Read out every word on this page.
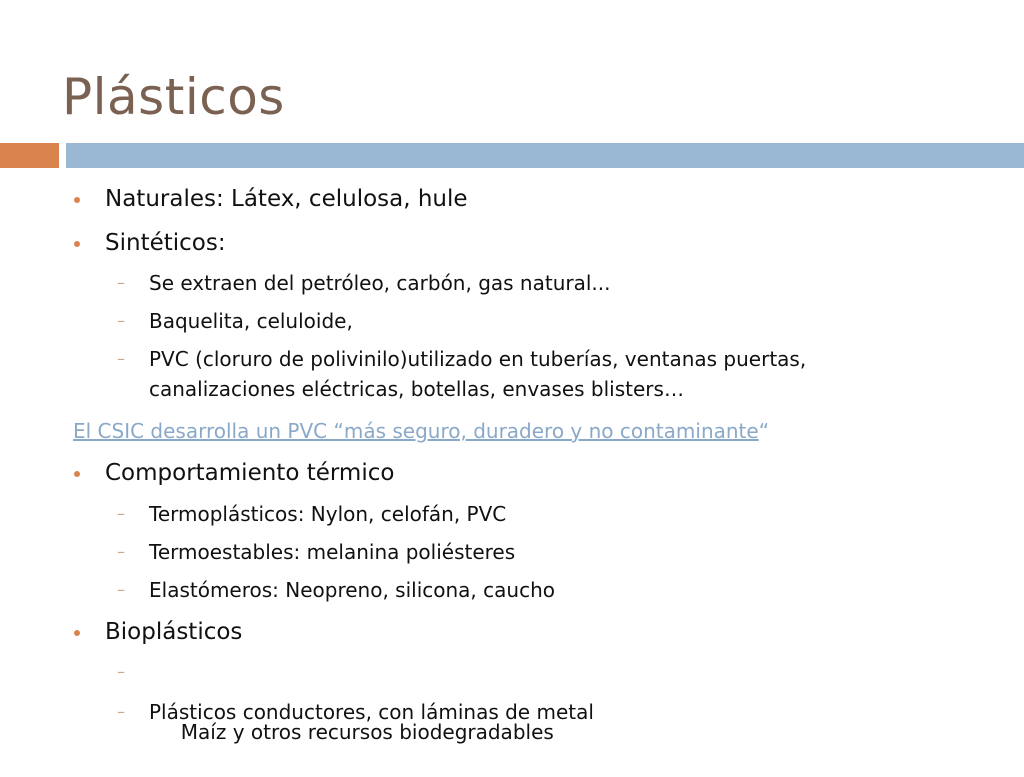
Plásticos
Naturales: Látex, celulosa, hule
Sintéticos:
– Se extraen del petróleo, carbón, gas natural...
– Baquelita, celuloide,
– PVC (cloruro de polivinilo)utilizado en tuberías, ventanas puertas,
canalizaciones eléctricas, botellas, envases blisters…
El CSIC desarrolla un PVC “más seguro, duradero y no contaminante“
Comportamiento térmico
– Termoplásticos: Nylon, celofán, PVC
– Termoestables: melanina poliésteres
– Elastómeros: Neopreno, silicona, caucho
Bioplásticos

–

Maíz y otros recursos biodegradables

– Plásticos conductores, con láminas de metal
